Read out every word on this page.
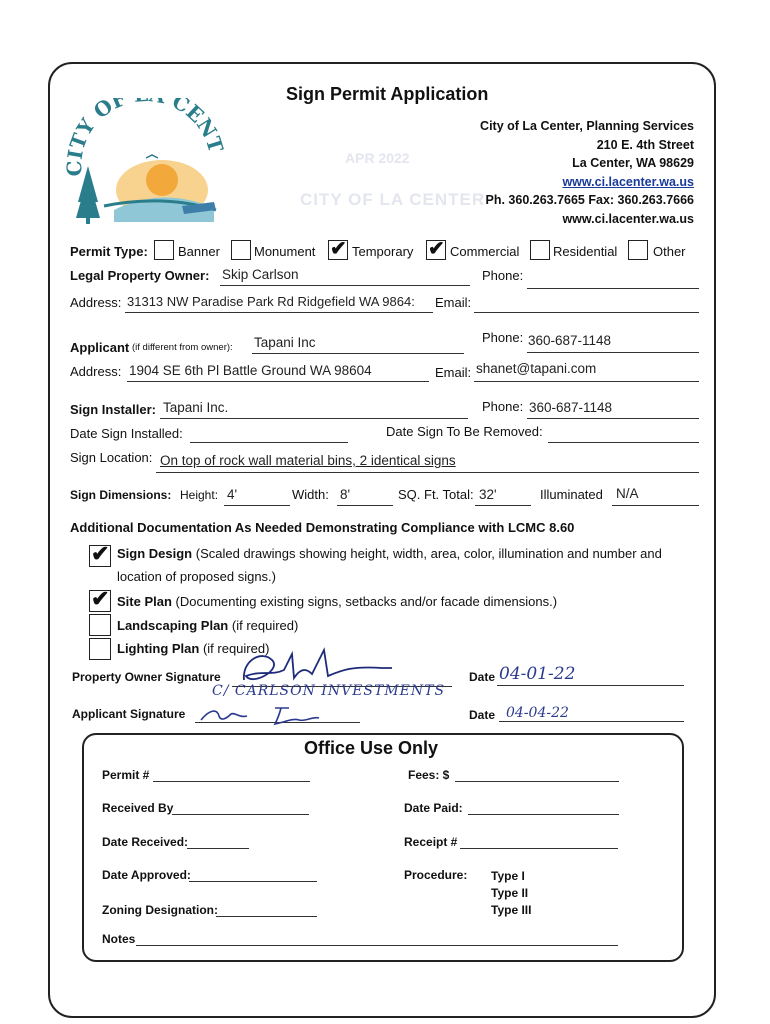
CITY OF LA CENTER
APR 2022
CITY OF CEN
Sign Permit Application
City of La Center, Planning Services
210 E. 4th Street
La Center, WA 98629
www.ci.lacenter.wa.us
Ph. 360.263.7665 Fax: 360.263.7666
www.ci.lacenter.wa.us
Permit Type: Banner	Monument ✔ Temporary ✔ Commercial	Residential	Other
Legal Property Owner: Skip Carlson	Phone:
Address: 31313 NW Paradise Park Rd Ridgefield WA 9864: Email:
Applicant (if different from owner): Tapani Inc	Phone: 360-687-1148
Address: 1904 SE 6th Pl Battle Ground WA 98604	Email: shanet@tapani.com
Sign Installer: Tapani Inc.	Phone: 360-687-1148
Date Sign Installed:	Date Sign To Be Removed:
Sign Location: On top of rock wall material bins, 2 identical signs
Sign Dimensions: Height: 4'	Width: 8'	SQ. Ft. Total: 32'	Illuminated N/A
Additional Documentation As Needed Demonstrating Compliance with LCMC 8.60
✔ Sign Design (Scaled drawings showing height, width, area, color, illumination and number and
location of proposed signs.)
✔ Site Plan (Documenting existing signs, setbacks and/or facade dimensions.)
Landscaping Plan (if required)
Lighting Plan (if required)
Property Owner Signature
C/ CARLSON INVESTMENTS
Date 04-01-22
Applicant Signature	Date 04-04-22
Office Use Only
Permit #	Fees: $
Received By	Date Paid:
Date Received:	Receipt #
Date Approved:	Procedure: Type I
Type II
Type III
Zoning Designation:
Notes
